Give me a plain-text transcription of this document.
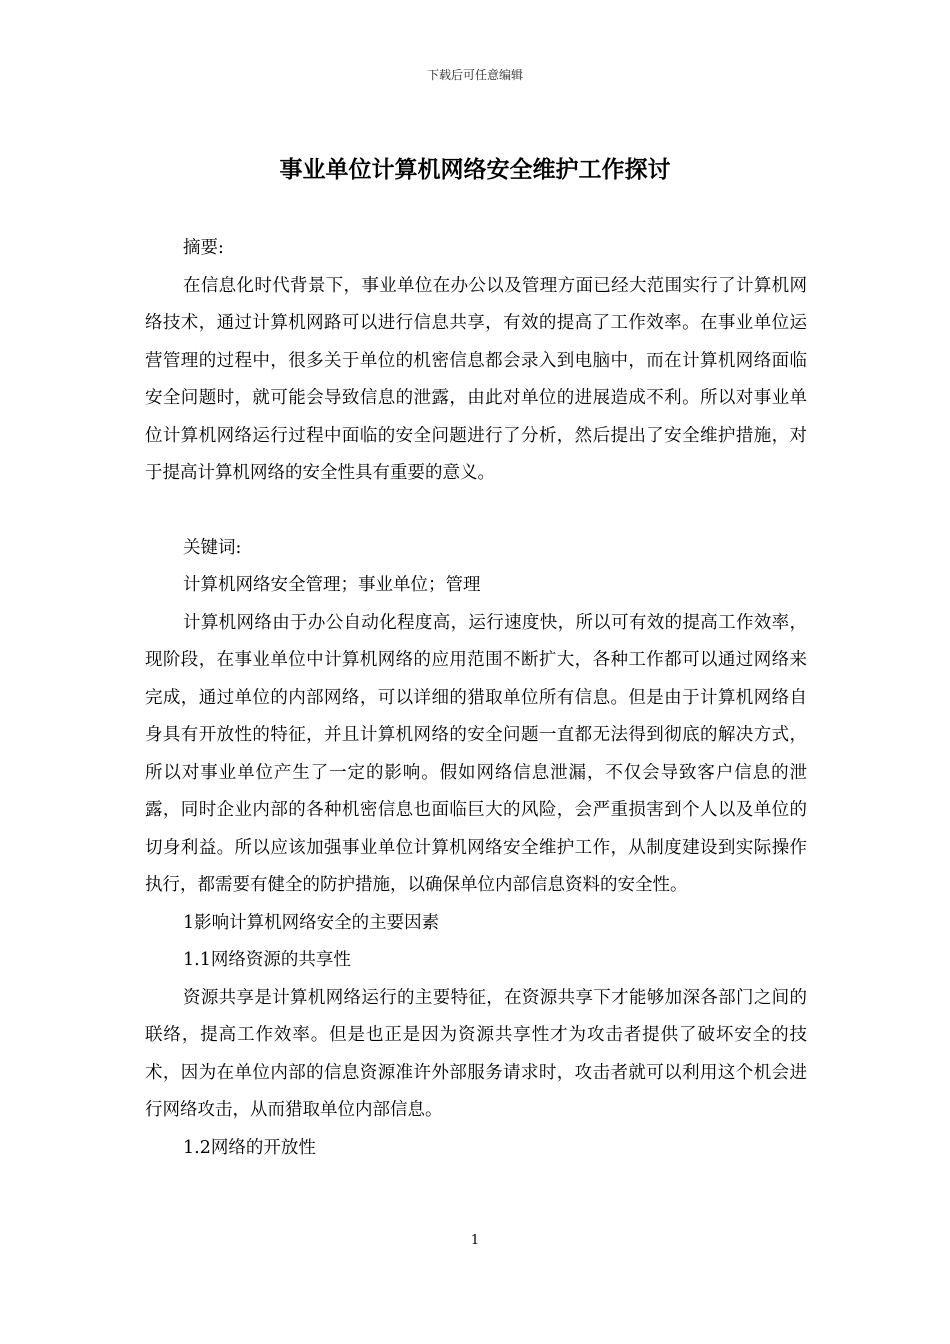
下载后可任意编辑
事业单位计算机网络安全维护工作探讨

摘要:

在信息化时代背景下，事业单位在办公以及管理方面已经大范围实行了计算机网络技术，通过计算机网路可以进行信息共享，有效的提高了工作效率。在事业单位运营管理的过程中，很多关于单位的机密信息都会录入到电脑中，而在计算机网络面临安全问题时，就可能会导致信息的泄露，由此对单位的进展造成不利。所以对事业单位计算机网络运行过程中面临的安全问题进行了分析，然后提出了安全维护措施，对于提高计算机网络的安全性具有重要的意义。

关键词:

计算机网络安全管理；事业单位；管理

计算机网络由于办公自动化程度高，运行速度快，所以可有效的提高工作效率，现阶段，在事业单位中计算机网络的应用范围不断扩大，各种工作都可以通过网络来完成，通过单位的内部网络，可以详细的猎取单位所有信息。但是由于计算机网络自身具有开放性的特征，并且计算机网络的安全问题一直都无法得到彻底的解决方式，所以对事业单位产生了一定的影响。假如网络信息泄漏，不仅会导致客户信息的泄露，同时企业内部的各种机密信息也面临巨大的风险，会严重损害到个人以及单位的切身利益。所以应该加强事业单位计算机网络安全维护工作，从制度建设到实际操作执行，都需要有健全的防护措施，以确保单位内部信息资料的安全性。

1影响计算机网络安全的主要因素

1.1网络资源的共享性

资源共享是计算机网络运行的主要特征，在资源共享下才能够加深各部门之间的联络，提高工作效率。但是也正是因为资源共享性才为攻击者提供了破坏安全的技术，因为在单位内部的信息资源准许外部服务请求时，攻击者就可以利用这个机会进行网络攻击，从而猎取单位内部信息。

1.2网络的开放性

1
